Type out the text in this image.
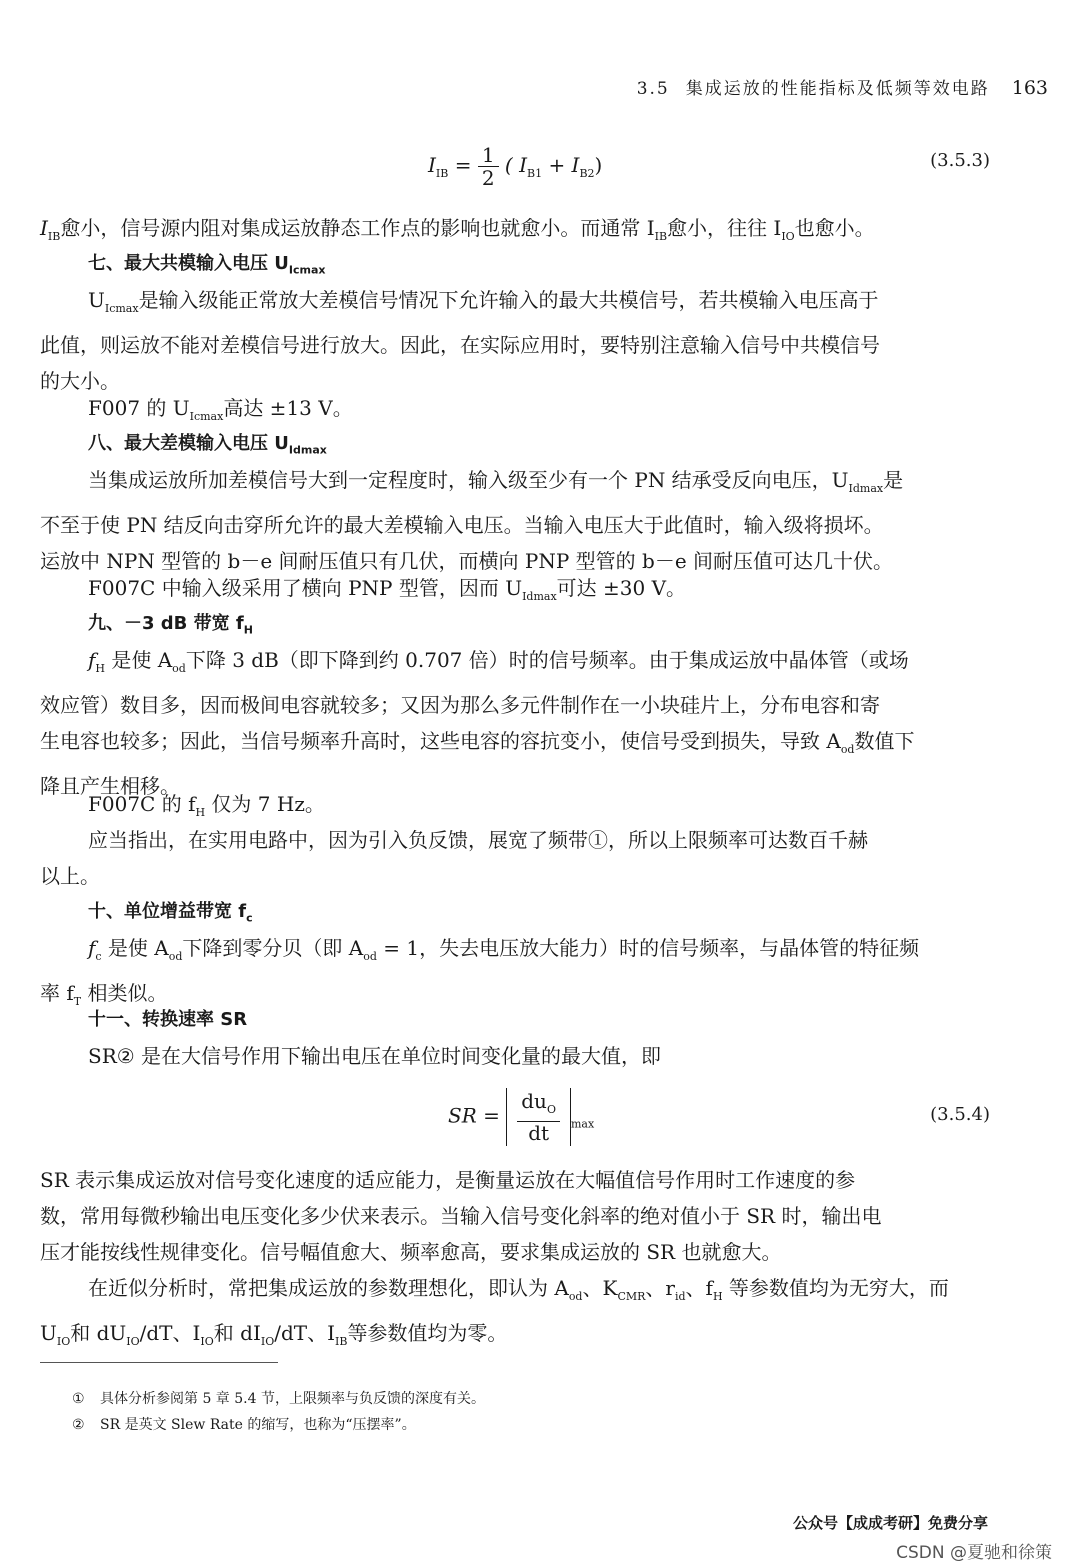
3.5 集成运放的性能指标及低频等效电路 163
$I_{IB} = \frac{1}{2}$ ( $I_{B1} + I_{B2}$)	(3.5.3)
$I_{IB}$愈小，信号源内阻对集成运放静态工作点的影响也就愈小。而通常 $I_{IB}$愈小，往往 $I_{IO}$也愈小。
七、最大共模输入电压 $U_{Icmax}$
$U_{Icmax}$是输入级能正常放大差模信号情况下允许输入的最大共模信号，若共模输入电压高于
此值，则运放不能对差模信号进行放大。因此，在实际应用时，要特别注意输入信号中共模信号
的大小。
F007 的 $U_{Icmax}$高达 ±13 V。
八、最大差模输入电压 $U_{Idmax}$
当集成运放所加差模信号大到一定程度时，输入级至少有一个 PN 结承受反向电压，$U_{Idmax}$是
不至于使 PN 结反向击穿所允许的最大差模输入电压。当输入电压大于此值时，输入级将损坏。
运放中 NPN 型管的 b－e 间耐压值只有几伏，而横向 PNP 型管的 b－e 间耐压值可达几十伏。
F007C 中输入级采用了横向 PNP 型管，因而 $U_{Idmax}$可达 ±30 V。
九、－3 dB 带宽 $f_H$
$f_H$ 是使 $A_{od}$下降 3 dB（即下降到约 0.707 倍）时的信号频率。由于集成运放中晶体管（或场
效应管）数目多，因而极间电容就较多；又因为那么多元件制作在一小块硅片上，分布电容和寄
生电容也较多；因此，当信号频率升高时，这些电容的容抗变小，使信号受到损失，导致 $A_{od}$数值下
降且产生相移。
F007C 的 $f_H$ 仅为 7 Hz。
应当指出，在实用电路中，因为引入负反馈，展宽了频带①，所以上限频率可达数百千赫
以上。
十、单位增益带宽 $f_c$
$f_c$ 是使 $A_{od}$下降到零分贝（即 $A_{od} = 1$，失去电压放大能力）时的信号频率，与晶体管的特征频
率 $f_T$ 相类似。
十一、转换速率 SR
SR② 是在大信号作用下输出电压在单位时间变化量的最大值，即
SR = $\frac{du_O}{dt} _{max}$	(3.5.4)
SR 表示集成运放对信号变化速度的适应能力，是衡量运放在大幅值信号作用时工作速度的参
数，常用每微秒输出电压变化多少伏来表示。当输入信号变化斜率的绝对值小于 SR 时，输出电
压才能按线性规律变化。信号幅值愈大、频率愈高，要求集成运放的 SR 也就愈大。
在近似分析时，常把集成运放的参数理想化，即认为 $A_{od}$、$K_{CMR}$、$r_{id}$、$f_H$ 等参数值均为无穷大，而
$U_{IO}$和 $dU_{IO}/dT$、$I_{IO}$和 $dI_{IO}/dT$、$I_{IB}$等参数值均为零。
① 具体分析参阅第 5 章 5.4 节，上限频率与负反馈的深度有关。
② SR 是英文 Slew Rate 的缩写，也称为“压摆率”。
公众号【成成考研】免费分享
CSDN @夏驰和徐策
